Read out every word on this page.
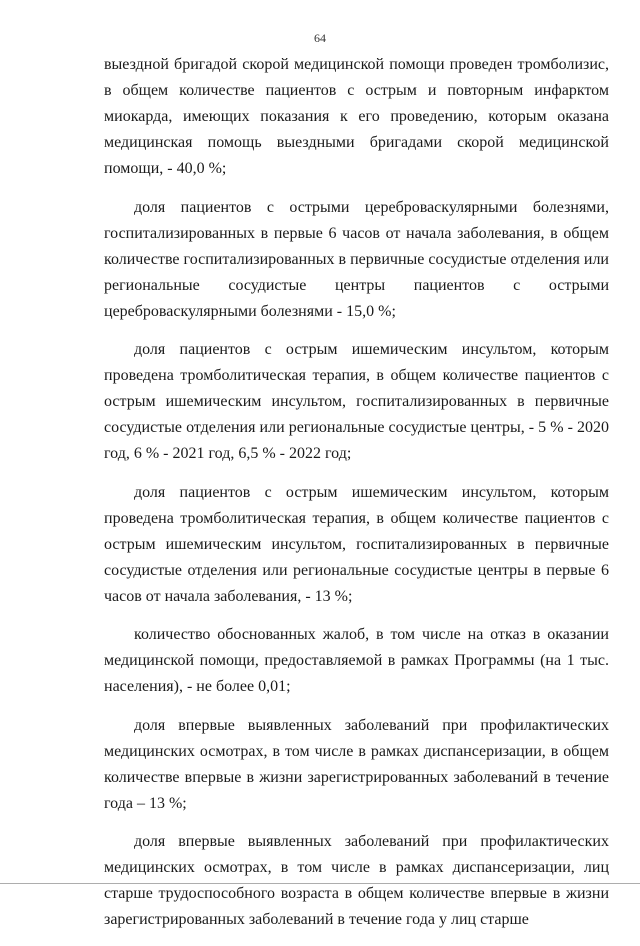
64

выездной бригадой скорой медицинской помощи проведен тромболизис, в общем количестве пациентов с острым и повторным инфарктом миокарда, имеющих показания к его проведению, которым оказана медицинская помощь выездными бригадами скорой медицинской помощи, - 40,0 %;

доля пациентов с острыми цереброваскулярными болезнями, госпитализированных в первые 6 часов от начала заболевания, в общем количестве госпитализированных в первичные сосудистые отделения или региональные сосудистые центры пациентов с острыми цереброваскулярными болезнями - 15,0 %;

доля пациентов с острым ишемическим инсультом, которым проведена тромболитическая терапия, в общем количестве пациентов с острым ишемическим инсультом, госпитализированных в первичные сосудистые отделения или региональные сосудистые центры, - 5 % - 2020 год, 6 % - 2021 год, 6,5 % - 2022 год;

доля пациентов с острым ишемическим инсультом, которым проведена тромболитическая терапия, в общем количестве пациентов с острым ишемическим инсультом, госпитализированных в первичные сосудистые отделения или региональные сосудистые центры в первые 6 часов от начала заболевания, - 13 %;

количество обоснованных жалоб, в том числе на отказ в оказании медицинской помощи, предоставляемой в рамках Программы (на 1 тыс. населения), - не более 0,01;

доля впервые выявленных заболеваний при профилактических медицинских осмотрах, в том числе в рамках диспансеризации, в общем количестве впервые в жизни зарегистрированных заболеваний в течение года – 13 %;

доля впервые выявленных заболеваний при профилактических медицинских осмотрах, в том числе в рамках диспансеризации, лиц старше трудоспособного возраста в общем количестве впервые в жизни зарегистрированных заболеваний в течение года у лиц старше
